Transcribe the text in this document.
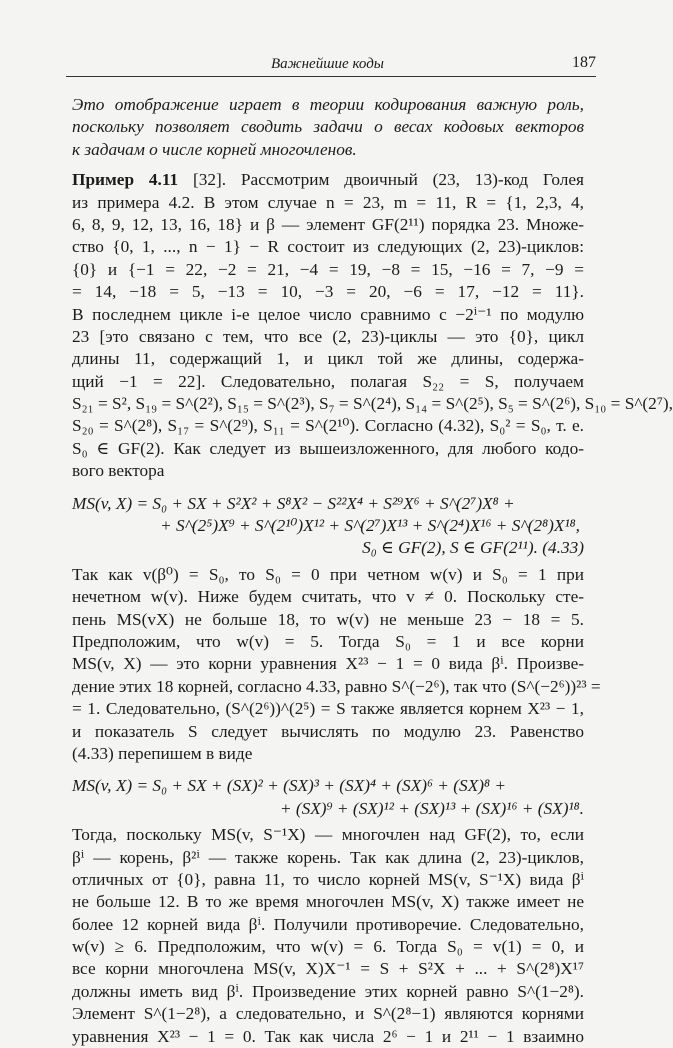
Важнейшие коды	187
Это отображение играет в теории кодирования важную роль,
поскольку позволяет сводить задачи о весах кодовых векторов
к задачам о числе корней многочленов.
Пример 4.11 [32]. Рассмотрим двоичный (23, 13)-код Голея
из примера 4.2. В этом случае n = 23, m = 11, R = {1, 2,3, 4,
6, 8, 9, 12, 13, 16, 18} и β — элемент GF(2¹¹) порядка 23. Множе-
ство {0, 1, ..., n − 1} − R состоит из следующих (2, 23)-циклов:
{0} и {−1 = 22, −2 = 21, −4 = 19, −8 = 15, −16 = 7, −9 =
= 14, −18 = 5, −13 = 10, −3 = 20, −6 = 17, −12 = 11}.
В последнем цикле i-е целое число сравнимо с −2ⁱ⁻¹ по модулю
23 [это связано с тем, что все (2, 23)-циклы — это {0}, цикл
длины 11, содержащий 1, и цикл той же длины, содержа-
щий −1 = 22]. Следовательно, полагая S₂₂ = S, получаем
S₂₁ = S², S₁₉ = S^(2²), S₁₅ = S^(2³), S₇ = S^(2⁴), S₁₄ = S^(2⁵), S₅ = S^(2⁶), S₁₀ = S^(2⁷),
S₂₀ = S^(2⁸), S₁₇ = S^(2⁹), S₁₁ = S^(2¹⁰). Согласно (4.32), S₀² = S₀, т. е.
S₀ ∈ GF(2). Как следует из вышеизложенного, для любого кодо-
вого вектора
MS(v, X) = S₀ + SX + S²X² + S⁸X² − S²²X⁴ + S²⁹X⁶ + S^(2⁷)X⁸ +
+ S^(2⁵)X⁹ + S^(2¹⁰)X¹² + S^(2⁷)X¹³ + S^(2⁴)X¹⁶ + S^(2⁸)X¹⁸,
S₀ ∈ GF(2), S ∈ GF(2¹¹). (4.33)
Так как v(β⁰) = S₀, то S₀ = 0 при четном w(v) и S₀ = 1 при
нечетном w(v). Ниже будем считать, что v ≠ 0. Поскольку сте-
пень MS(vX) не больше 18, то w(v) не меньше 23 − 18 = 5.
Предположим, что w(v) = 5. Тогда S₀ = 1 и все корни
MS(v, X) — это корни уравнения X²³ − 1 = 0 вида βⁱ. Произве-
дение этих 18 корней, согласно 4.33, равно S^(−2⁶), так что (S^(−2⁶))²³ =
= 1. Следовательно, (S^(2⁶))^(2⁵) = S также является корнем X²³ − 1,
и показатель S следует вычислять по модулю 23. Равенство
(4.33) перепишем в виде
MS(v, X) = S₀ + SX + (SX)² + (SX)³ + (SX)⁴ + (SX)⁶ + (SX)⁸ +
+ (SX)⁹ + (SX)¹² + (SX)¹³ + (SX)¹⁶ + (SX)¹⁸.
Тогда, поскольку MS(v, S⁻¹X) — многочлен над GF(2), то, если
βⁱ — корень, β²ⁱ — также корень. Так как длина (2, 23)-циклов,
отличных от {0}, равна 11, то число корней MS(v, S⁻¹X) вида βⁱ
не больше 12. В то же время многочлен MS(v, X) также имеет не
более 12 корней вида βⁱ. Получили противоречие. Следовательно,
w(v) ≥ 6. Предположим, что w(v) = 6. Тогда S₀ = v(1) = 0, и
все корни многочлена MS(v, X)X⁻¹ = S + S²X + ... + S^(2⁸)X¹⁷
должны иметь вид βⁱ. Произведение этих корней равно S^(1−2⁸).
Элемент S^(1−2⁸), а следовательно, и S^(2⁸−1) являются корнями
уравнения X²³ − 1 = 0. Так как числа 2⁶ − 1 и 2¹¹ − 1 взаимно
